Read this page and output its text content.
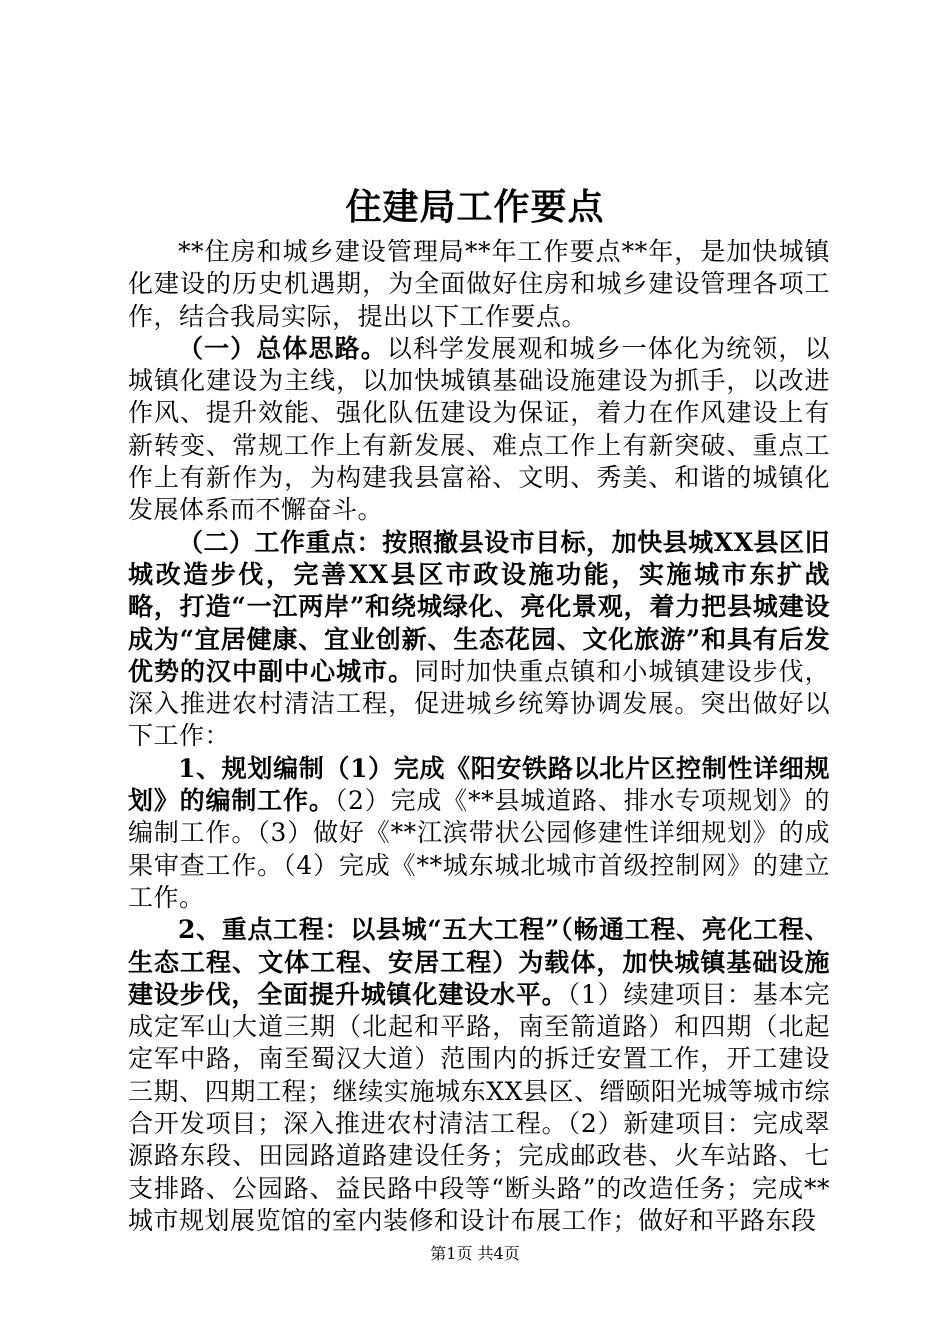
住建局工作要点

**住房和城乡建设管理局**年工作要点**年，是加快城镇化建设的历史机遇期，为全面做好住房和城乡建设管理各项工作，结合我局实际，提出以下工作要点。

（一）总体思路。以科学发展观和城乡一体化为统领，以城镇化建设为主线，以加快城镇基础设施建设为抓手，以改进作风、提升效能、强化队伍建设为保证，着力在作风建设上有新转变、常规工作上有新发展、难点工作上有新突破、重点工作上有新作为，为构建我县富裕、文明、秀美、和谐的城镇化发展体系而不懈奋斗。

（二）工作重点：按照撤县设市目标，加快县城XX县区旧城改造步伐，完善XX县区市政设施功能，实施城市东扩战略，打造“一江两岸”和绕城绿化、亮化景观，着力把县城建设成为“宜居健康、宜业创新、生态花园、文化旅游”和具有后发优势的汉中副中心城市。同时加快重点镇和小城镇建设步伐，深入推进农村清洁工程，促进城乡统筹协调发展。突出做好以下工作：

1、规划编制（1）完成《阳安铁路以北片区控制性详细规划》的编制工作。（2）完成《**县城道路、排水专项规划》的编制工作。（3）做好《**江滨带状公园修建性详细规划》的成果审查工作。（4）完成《**城东城北城市首级控制网》的建立工作。

2、重点工程：以县城“五大工程”（畅通工程、亮化工程、生态工程、文体工程、安居工程）为载体，加快城镇基础设施建设步伐，全面提升城镇化建设水平。（1）续建项目：基本完成定军山大道三期（北起和平路，南至箭道路）和四期（北起定军中路，南至蜀汉大道）范围内的拆迁安置工作，开工建设三期、四期工程；继续实施城东XX县区、缙颐阳光城等城市综合开发项目；深入推进农村清洁工程。（2）新建项目：完成翠源路东段、田园路道路建设任务；完成邮政巷、火车站路、七支排路、公园路、益民路中段等“断头路”的改造任务；完成**城市规划展览馆的室内装修和设计布展工作；做好和平路东段

第1页 共4页
